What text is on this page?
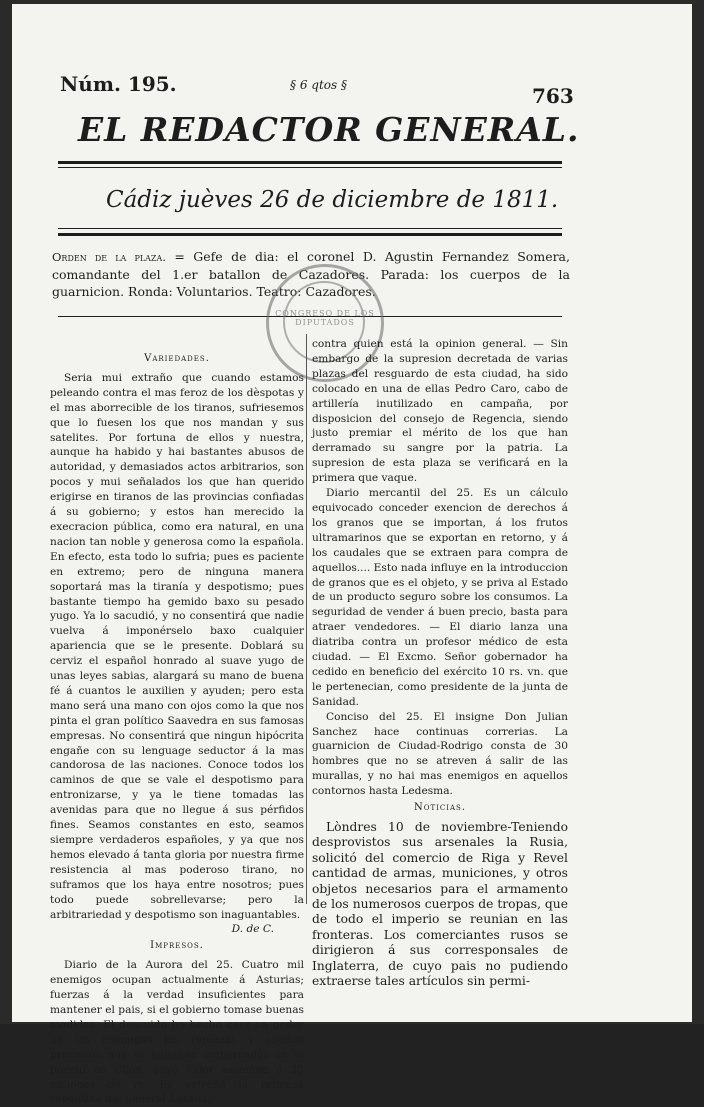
Núm. 195.	§ 6 qtos §	763
EL REDACTOR GENERAL.
Cádiz juèves 26 de diciembre de 1811.
Orden de la plaza. = Gefe de dia: el coronel D. Agustin Fernandez Somera, comandante del 1.er batallon de Cazadores. Parada: los cuerpos de la guarnicion. Ronda: Voluntarios. Teatro: Cazadores.
CONGRESO DE LOS DIPUTADOS
Variedades.

Seria mui extraño que cuando estamos peleando contra el mas feroz de los dèspotas y el mas aborrecible de los tiranos, sufriesemos que lo fuesen los que nos mandan y sus satelites. Por fortuna de ellos y nuestra, aunque ha habido y hai bastantes abusos de autoridad, y demasiados actos arbitrarios, son pocos y mui señalados los que han querido erigirse en tiranos de las provincias confiadas á su gobierno; y estos han merecido la execracion pública, como era natural, en una nacion tan noble y generosa como la española. En efecto, esta todo lo sufria; pues es paciente en extremo; pero de ninguna manera soportará mas la tiranía y despotismo; pues bastante tiempo ha gemido baxo su pesado yugo. Ya lo sacudió, y no consentirá que nadie vuelva á imponérselo baxo cualquier apariencia que se le presente. Doblará su cerviz el español honrado al suave yugo de unas leyes sabias, alargará su mano de buena fé á cuantos le auxilien y ayuden; pero esta mano será una mano con ojos como la que nos pinta el gran político Saavedra en sus famosas empresas. No consentirá que ningun hipócrita engañe con su lenguage seductor á la mas candorosa de las naciones. Conoce todos los caminos de que se vale el despotismo para entronizarse, y ya le tiene tomadas las avenidas para que no llegue á sus pérfidos fines. Seamos constantes en esto, seamos siempre verdaderos españoles, y ya que nos hemos elevado á tanta gloria por nuestra firme resistencia al mas poderoso tirano, no suframos que los haya entre nosotros; pues todo puede sobrellevarse; pero la arbitrariedad y despotismo son inaguantables.

D. de C.
Impresos.

Diario de la Aurora del 25. Cuatro mil enemigos ocupan actualmente á Asturias; fuerzas á la verdad insuficientes para mantener el pais, si el gobierno tomase buenas medidas. El descuido ha hecho caer en poder de los enemigos las riquezas y objetos preciosos que se hallaban embarcados en el puerto de Gijon, cuyo valor asciende á 30 millones de rs. Es extraña la retirada repentina del general Losada,

contra quien está la opinion general. — Sin embargo de la supresion decretada de varias plazas del resguardo de esta ciudad, ha sido colocado en una de ellas Pedro Caro, cabo de artillería inutilizado en campaña, por disposicion del consejo de Regencia, siendo justo premiar el mérito de los que han derramado su sangre por la patria. La supresion de esta plaza se verificará en la primera que vaque.

Diario mercantil del 25. Es un cálculo equivocado conceder exencion de derechos á los granos que se importan, á los frutos ultramarinos que se exportan en retorno, y á los caudales que se extraen para compra de aquellos.... Esto nada influye en la introduccion de granos que es el objeto, y se priva al Estado de un producto seguro sobre los consumos. La seguridad de vender á buen precio, basta para atraer vendedores. — El diario lanza una diatriba contra un profesor médico de esta ciudad. — El Excmo. Señor gobernador ha cedido en beneficio del exército 10 rs. vn. que le pertenecian, como presidente de la junta de Sanidad.

Conciso del 25. El insigne Don Julian Sanchez hace continuas correrias. La guarnicion de Ciudad-Rodrigo consta de 30 hombres que no se atreven á salir de las murallas, y no hai mas enemigos en aquellos contornos hasta Ledesma.

Noticias.

Lòndres 10 de noviembre-Teniendo desprovistos sus arsenales la Rusia, solicitó del comercio de Riga y Revel cantidad de armas, municiones, y otros objetos necesarios para el armamento de los numerosos cuerpos de tropas, que de todo el imperio se reunian en las fronteras. Los comerciantes rusos se dirigieron á sus corresponsales de Inglaterra, de cuyo pais no pudiendo extraerse tales artículos sin permi-
